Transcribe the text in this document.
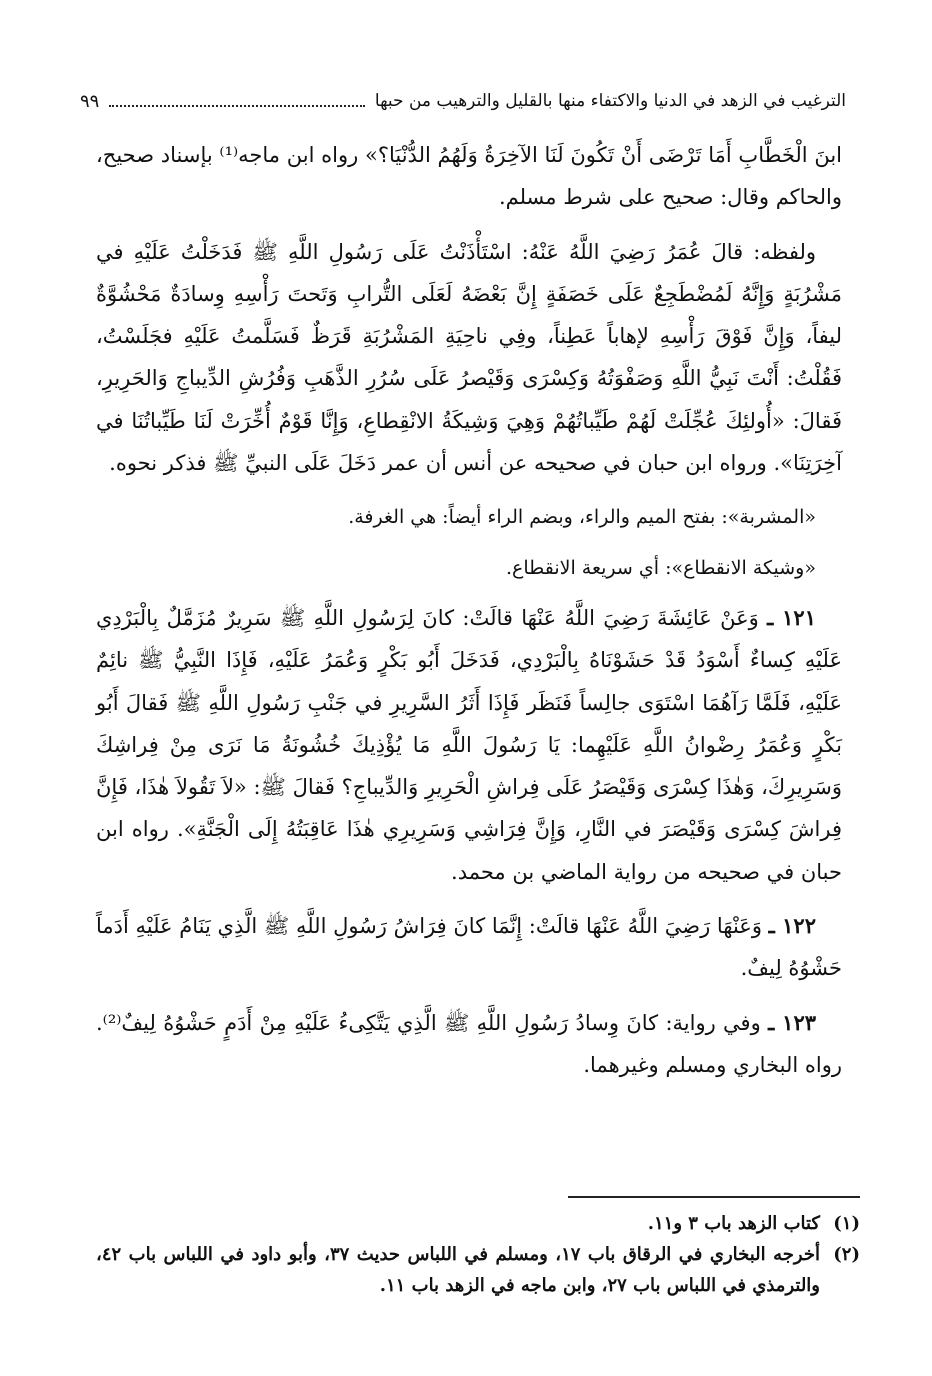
الترغيب في الزهد في الدنيا والاكتفاء منها بالقليل والترهيب من حبها
٩٩

ابنَ الْخَطَّابِ أَمَا تَرْضَى أَنْ تَكُونَ لَنَا الآخِرَةُ وَلَهُمُ الدُّنْيَا؟» رواه ابن ماجه⁽¹⁾ بإسناد صحيح، والحاكم وقال: صحيح على شرط مسلم.

ولفظه: قالَ عُمَرُ رَضِيَ اللَّهُ عَنْهُ: اسْتَأْذَنْتُ عَلَى رَسُولِ اللَّهِ ﷺ فَدَخَلْتُ عَلَيْهِ في مَشْرُبَةٍ وَإِنَّهُ لَمُضْطَجِعٌ عَلَى خَصَفَةٍ إِنَّ بَعْضَهُ لَعَلَى التُّرابِ وَتَحتَ رَأْسِهِ وِسادَةٌ مَحْشُوَّةٌ ليفاً، وَإِنَّ فَوْقَ رَأْسِهِ لإهاباً عَطِناً، وفِي ناحِيَةِ المَشْرُبَةِ قَرَظٌ فَسَلَّمتُ عَلَيْهِ فجَلَسْتُ، فَقُلْتُ: أَنْتَ نَبِيُّ اللَّهِ وَصَفْوَتُهُ وَكِسْرَى وَقَيْصرُ عَلَى سُرُرِ الذَّهَبِ وَفُرُشِ الدِّيباجِ وَالحَرِيرِ، فَقالَ: «أُولئِكَ عُجِّلَتْ لَهُمْ طَيِّباتُهُمْ وَهِيَ وَشِيكَةُ الانْقِطاعِ، وَإِنَّا قَوْمٌ أُخِّرَتْ لَنَا طَيِّباتُنَا في آخِرَتِنَا». ورواه ابن حبان في صحيحه عن أنس أن عمر دَخَلَ عَلَى النبيِّ ﷺ فذكر نحوه.

«المشربة»: بفتح الميم والراء، وبضم الراء أيضاً: هي الغرفة.

«وشيكة الانقطاع»: أي سريعة الانقطاع.

١٢١ ـ وَعَنْ عَائِشَةَ رَضِيَ اللَّهُ عَنْهَا قالَتْ: كانَ لِرَسُولِ اللَّهِ ﷺ سَرِيرٌ مُزَمَّلٌ بِالْبَرْدِي عَلَيْهِ كِساءٌ أَسْوَدُ قَدْ حَشَوْنَاهُ بِالْبَرْدِي، فَدَخَلَ أَبُو بَكْرٍ وَعُمَرُ عَلَيْهِ، فَإِذَا النَّبِيُّ ﷺ نائِمٌ عَلَيْهِ، فَلَمَّا رَآهُمَا اسْتَوَى جالِساً فَنَظَر فَإِذَا أَثَرُ السَّرِيرِ في جَنْبِ رَسُولِ اللَّهِ ﷺ فَقالَ أَبُو بَكْرٍ وَعُمَرُ رِضْوانُ اللَّهِ عَلَيْهِما: يَا رَسُولَ اللَّهِ مَا يُؤْذِيكَ خُشُونَةُ مَا نَرَى مِنْ فِراشِكَ وَسَرِيرِكَ، وَهٰذَا كِسْرَى وَقَيْصَرُ عَلَى فِراشِ الْحَرِيرِ وَالدِّيباجِ؟ فَقالَ ﷺ: «لاَ تَقُولاَ هٰذَا، فَإِنَّ فِراشَ كِسْرَى وَقَيْصَرَ في النَّارِ، وَإِنَّ فِرَاشِي وَسَرِيرِي هٰذَا عَاقِبَتُهُ إِلَى الْجَنَّةِ». رواه ابن حبان في صحيحه من رواية الماضي بن محمد.

١٢٢ ـ وَعَنْهَا رَضِيَ اللَّهُ عَنْهَا قالَتْ: إِنَّمَا كانَ فِرَاشُ رَسُولِ اللَّهِ ﷺ الَّذِي يَنَامُ عَلَيْهِ أَدَماً حَشْوُهُ لِيفٌ.

١٢٣ ـ وفي رواية: كانَ وِسادُ رَسُولِ اللَّهِ ﷺ الَّذِي يَتَّكِىءُ عَلَيْهِ مِنْ أَدَمٍ حَشْوُهُ لِيفٌ⁽²⁾. رواه البخاري ومسلم وغيرهما.

(١)
كتاب الزهد باب ٣ و١١.
(٢)
أخرجه البخاري في الرقاق باب ١٧، ومسلم في اللباس حديث ٣٧، وأبو داود في اللباس باب ٤٢، والترمذي في اللباس باب ٢٧، وابن ماجه في الزهد باب ١١.
